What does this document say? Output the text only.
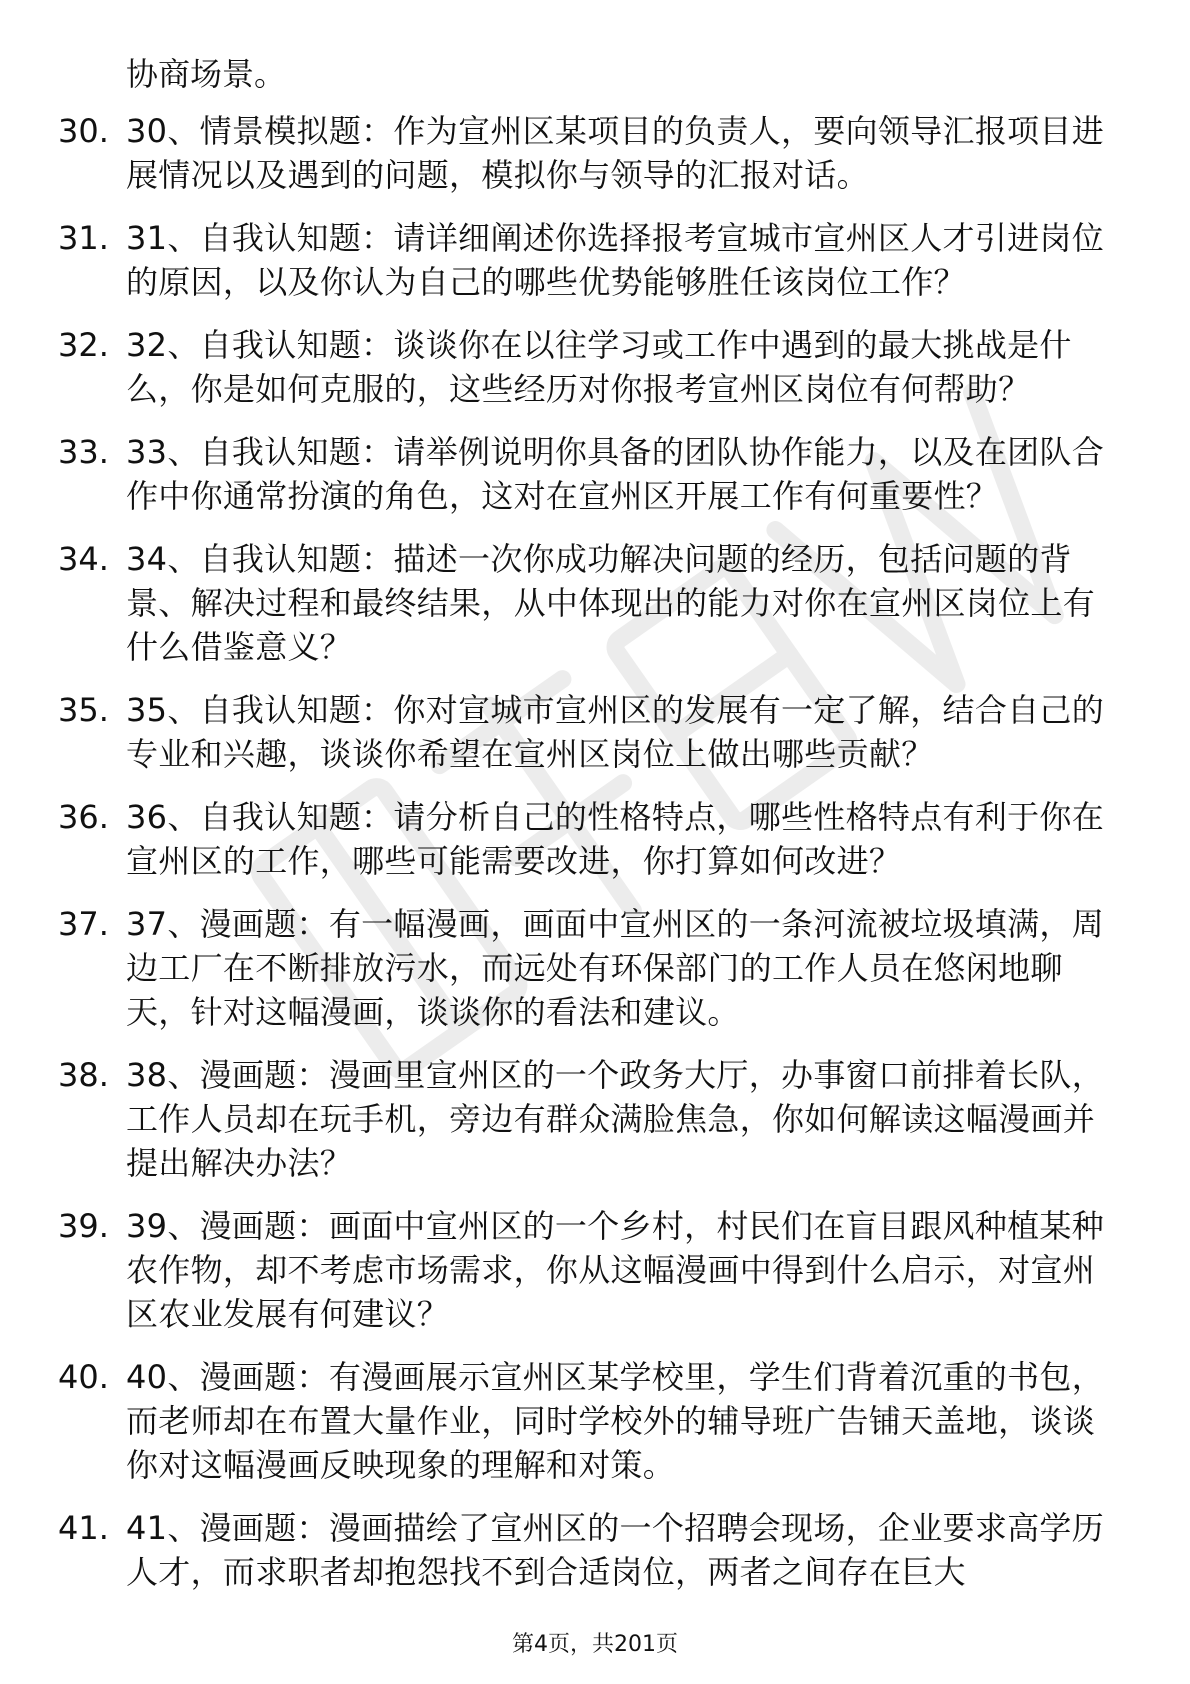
协商场景。
30. 30、情景模拟题：作为宣州区某项目的负责人，要向领导汇报项目进展情况以及遇到的问题，模拟你与领导的汇报对话。
31. 31、自我认知题：请详细阐述你选择报考宣城市宣州区人才引进岗位的原因，以及你认为自己的哪些优势能够胜任该岗位工作？
32. 32、自我认知题：谈谈你在以往学习或工作中遇到的最大挑战是什么，你是如何克服的，这些经历对你报考宣州区岗位有何帮助？
33. 33、自我认知题：请举例说明你具备的团队协作能力，以及在团队合作中你通常扮演的角色，这对在宣州区开展工作有何重要性？
34. 34、自我认知题：描述一次你成功解决问题的经历，包括问题的背景、解决过程和最终结果，从中体现出的能力对你在宣州区岗位上有什么借鉴意义？
35. 35、自我认知题：你对宣城市宣州区的发展有一定了解，结合自己的专业和兴趣，谈谈你希望在宣州区岗位上做出哪些贡献？
36. 36、自我认知题：请分析自己的性格特点，哪些性格特点有利于你在宣州区的工作，哪些可能需要改进，你打算如何改进？
37. 37、漫画题：有一幅漫画，画面中宣州区的一条河流被垃圾填满，周边工厂在不断排放污水，而远处有环保部门的工作人员在悠闲地聊天，针对这幅漫画，谈谈你的看法和建议。
38. 38、漫画题：漫画里宣州区的一个政务大厅，办事窗口前排着长队，工作人员却在玩手机，旁边有群众满脸焦急，你如何解读这幅漫画并提出解决办法？
39. 39、漫画题：画面中宣州区的一个乡村，村民们在盲目跟风种植某种农作物，却不考虑市场需求，你从这幅漫画中得到什么启示，对宣州区农业发展有何建议？
40. 40、漫画题：有漫画展示宣州区某学校里，学生们背着沉重的书包，而老师却在布置大量作业，同时学校外的辅导班广告铺天盖地，谈谈你对这幅漫画反映现象的理解和对策。
41. 41、漫画题：漫画描绘了宣州区的一个招聘会现场，企业要求高学历人才，而求职者却抱怨找不到合适岗位，两者之间存在巨大
第4页，共201页
